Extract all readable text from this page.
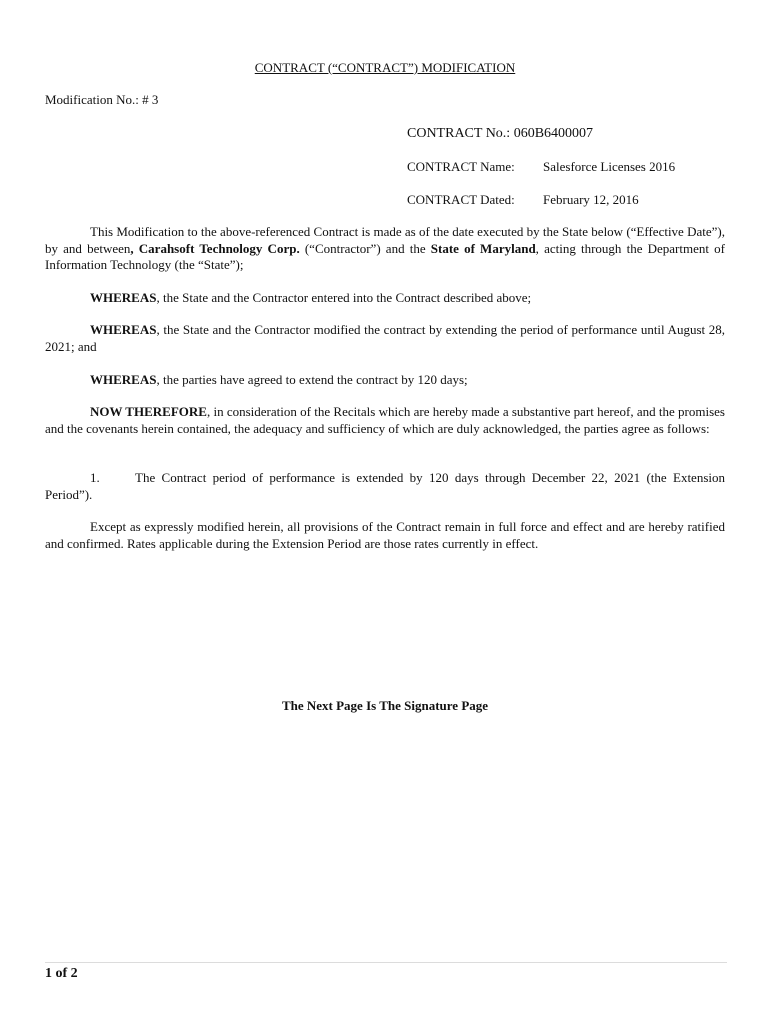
CONTRACT (“CONTRACT”) MODIFICATION
Modification No.: # 3
CONTRACT No.: 060B6400007
CONTRACT Name: Salesforce Licenses 2016
CONTRACT Dated: February 12, 2016
This Modification to the above-referenced Contract is made as of the date executed by the State below (“Effective Date”), by and between, Carahsoft Technology Corp. (“Contractor”) and the State of Maryland, acting through the Department of Information Technology (the “State”);
WHEREAS, the State and the Contractor entered into the Contract described above;
WHEREAS, the State and the Contractor modified the contract by extending the period of performance until August 28, 2021; and
WHEREAS, the parties have agreed to extend the contract by 120 days;
NOW THEREFORE, in consideration of the Recitals which are hereby made a substantive part hereof, and the promises and the covenants herein contained, the adequacy and sufficiency of which are duly acknowledged, the parties agree as follows:
1.	The Contract period of performance is extended by 120 days through December 22, 2021 (the Extension Period”).
Except as expressly modified herein, all provisions of the Contract remain in full force and effect and are hereby ratified and confirmed. Rates applicable during the Extension Period are those rates currently in effect.
The Next Page Is The Signature Page
1 of 2
